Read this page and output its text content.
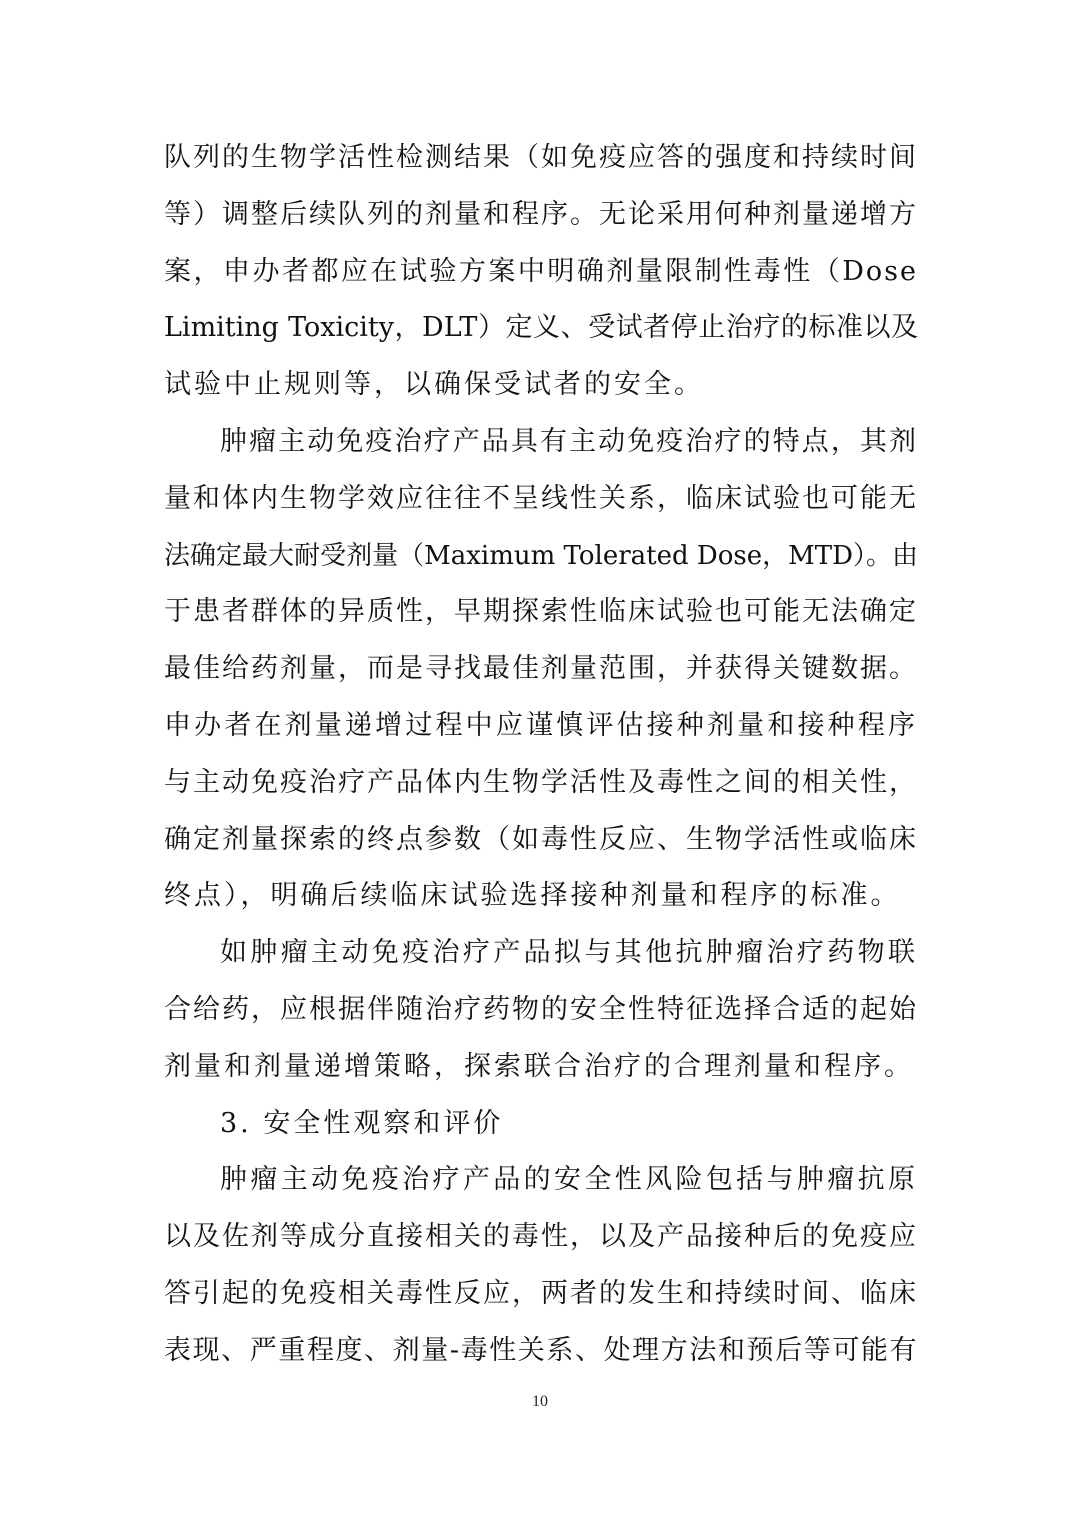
队列的生物学活性检测结果（如免疫应答的强度和持续时间
等）调整后续队列的剂量和程序。无论采用何种剂量递增方
案，申办者都应在试验方案中明确剂量限制性毒性（Dose
Limiting Toxicity，DLT）定义、受试者停止治疗的标准以及
试验中止规则等，以确保受试者的安全。
肿瘤主动免疫治疗产品具有主动免疫治疗的特点，其剂
量和体内生物学效应往往不呈线性关系，临床试验也可能无
法确定最大耐受剂量（Maximum Tolerated Dose，MTD）。由
于患者群体的异质性，早期探索性临床试验也可能无法确定
最佳给药剂量，而是寻找最佳剂量范围，并获得关键数据。
申办者在剂量递增过程中应谨慎评估接种剂量和接种程序
与主动免疫治疗产品体内生物学活性及毒性之间的相关性，
确定剂量探索的终点参数（如毒性反应、生物学活性或临床
终点），明确后续临床试验选择接种剂量和程序的标准。
如肿瘤主动免疫治疗产品拟与其他抗肿瘤治疗药物联
合给药，应根据伴随治疗药物的安全性特征选择合适的起始
剂量和剂量递增策略，探索联合治疗的合理剂量和程序。
3. 安全性观察和评价
肿瘤主动免疫治疗产品的安全性风险包括与肿瘤抗原
以及佐剂等成分直接相关的毒性，以及产品接种后的免疫应
答引起的免疫相关毒性反应，两者的发生和持续时间、临床
表现、严重程度、剂量-毒性关系、处理方法和预后等可能有
10
